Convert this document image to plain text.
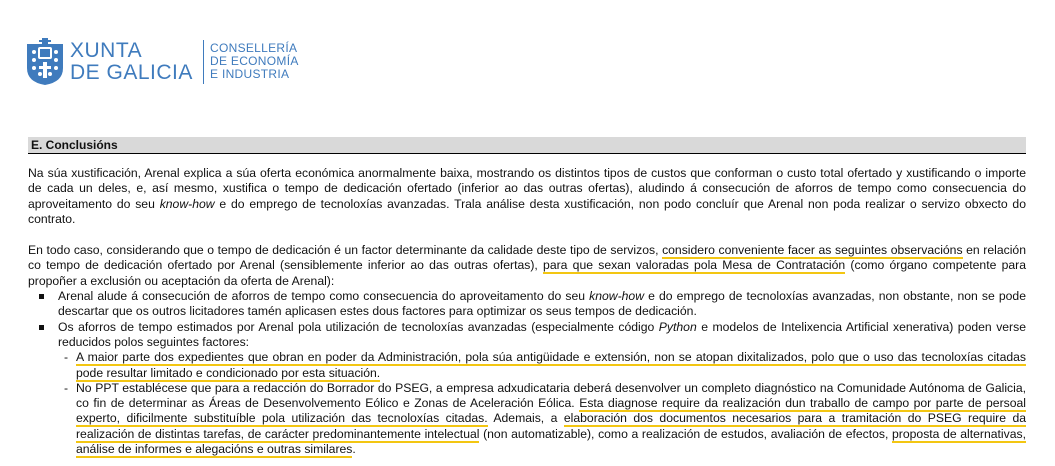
XUNTA
DE GALICIA
CONSELLERÍA
DE ECONOMÍA
E INDUSTRIA
E. Conclusións

Na súa xustificación, Arenal explica a súa oferta económica anormalmente baixa, mostrando os distintos tipos de custos que conforman o custo total ofertado y xustificando o importe de cada un deles, e, así mesmo, xustifica o tempo de dedicación ofertado (inferior ao das outras ofertas), aludindo á consecución de aforros de tempo como consecuencia do aproveitamento do seu know-how e do emprego de tecnoloxías avanzadas. Trala análise desta xustificación, non podo concluír que Arenal non poda realizar o servizo obxecto do contrato.

En todo caso, considerando que o tempo de dedicación é un factor determinante da calidade deste tipo de servizos, considero conveniente facer as seguintes observacións en relación co tempo de dedicación ofertado por Arenal (sensiblemente inferior ao das outras ofertas), para que sexan valoradas pola Mesa de Contratación (como órgano competente para propoñer a exclusión ou aceptación da oferta de Arenal):

Arenal alude á consecución de aforros de tempo como consecuencia do aproveitamento do seu know-how e do emprego de tecnoloxías avanzadas, non obstante, non se pode descartar que os outros licitadores tamén aplicasen estes dous factores para optimizar os seus tempos de dedicación.
Os aforros de tempo estimados por Arenal pola utilización de tecnoloxías avanzadas (especialmente código Python e modelos de Intelixencia Artificial xenerativa) poden verse reducidos polos seguintes factores:
- A maior parte dos expedientes que obran en poder da Administración, pola súa antigüidade e extensión, non se atopan dixitalizados, polo que o uso das tecnoloxías citadas pode resultar limitado e condicionado por esta situación.
- No PPT establécese que para a redacción do Borrador do PSEG, a empresa adxudicataria deberá desenvolver un completo diagnóstico na Comunidade Autónoma de Galicia, co fin de determinar as Áreas de Desenvolvemento Eólico e Zonas de Aceleración Eólica. Esta diagnose require da realización dun traballo de campo por parte de persoal experto, dificilmente substituíble pola utilización das tecnoloxías citadas. Ademais, a elaboración dos documentos necesarios para a tramitación do PSEG require da realización de distintas tarefas, de carácter predominantemente intelectual (non automatizable), como a realización de estudos, avaliación de efectos, proposta de alternativas, análise de informes e alegacións e outras similares.
